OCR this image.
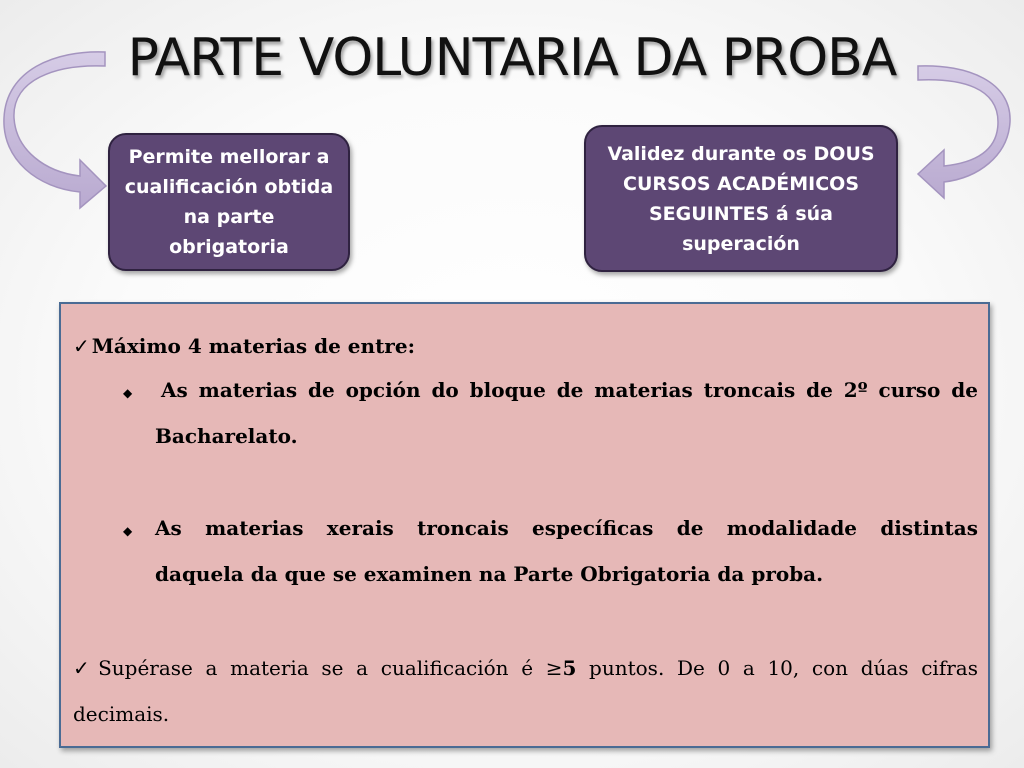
PARTE VOLUNTARIA DA PROBA
Permite mellorar a
cualificación obtida
na parte
obrigatoria
Validez durante os DOUS
CURSOS ACADÉMICOS
SEGUINTES á súa
superación
✓ Máximo 4 materias de entre:
◆ As materias de opción do bloque de materias troncais de 2º curso de
Bacharelato.
◆ As materias xerais troncais específicas de modalidade distintas
daquela da que se examinen na Parte Obrigatoria da proba.
✓ Supérase a materia se a cualificación é ≥5 puntos. De 0 a 10, con dúas cifras
decimais.
